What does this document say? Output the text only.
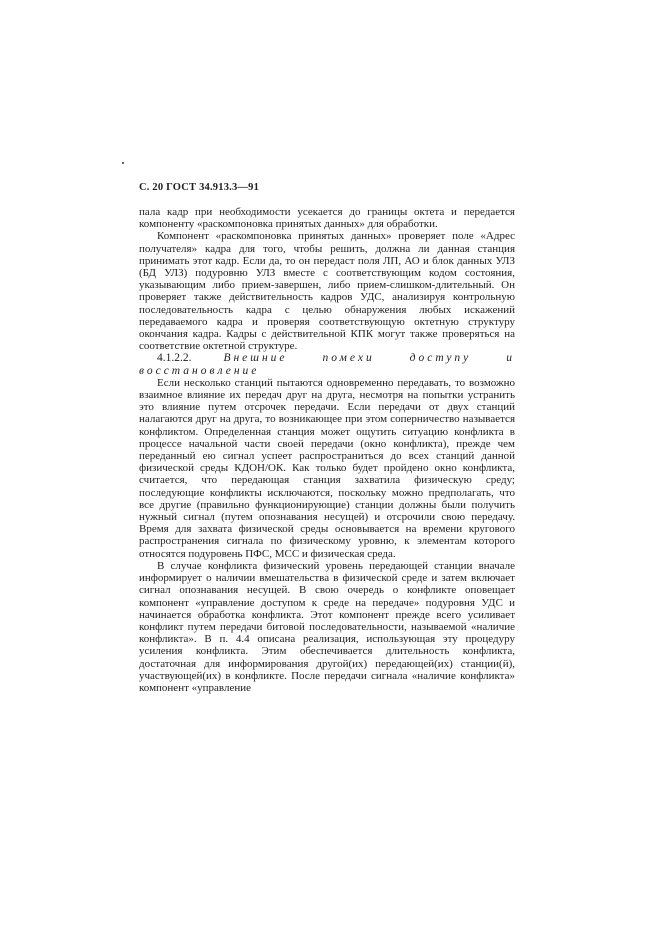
С. 20 ГОСТ 34.913.3—91

пала кадр при необходимости усекается до границы октета и передается компоненту «раскомпоновка принятых данных» для обработки.

Компонент «раскомпоновка принятых данных» проверяет поле «Адрес получателя» кадра для того, чтобы решить, должна ли данная станция принимать этот кадр. Если да, то он передаст поля ЛП, АО и блок данных УЛЗ (БД УЛЗ) подуровню УЛЗ вместе с соответствующим кодом состояния, указывающим либо прием-завершен, либо прием-слишком-длительный. Он проверяет также действительность кадров УДС, анализируя контрольную последовательность кадра с целью обнаружения любых искажений передаваемого кадра и проверяя соответствующую октетную структуру окончания кадра. Кадры с действительной КПК могут также проверяться на соответствие октетной структуре.

4.1.2.2.	Внешние помехи доступу и восстановление

Если несколько станций пытаются одновременно передавать, то возможно взаимное влияние их передач друг на друга, несмотря на попытки устранить это влияние путем отсрочек передачи. Если передачи от двух станций налагаются друг на друга, то возникающее при этом соперничество называется конфликтом. Определенная станция может ощутить ситуацию конфликта в процессе начальной части своей передачи (окно конфликта), прежде чем переданный ею сигнал успеет распространиться до всех станций данной физической среды КДОН/ОК. Как только будет пройдено окно конфликта, считается, что передающая станция захватила физическую среду; последующие конфликты исключаются, поскольку можно предполагать, что все другие (правильно функционирующие) станции должны были получить нужный сигнал (путем опознавания несущей) и отсрочили свою передачу. Время для захвата физической среды основывается на времени кругового распространения сигнала по физическому уровню, к элементам которого относятся подуровень ПФС, МСС и физическая среда.

В случае конфликта физический уровень передающей станции вначале информирует о наличии вмешательства в физической среде и затем включает сигнал опознавания несущей. В свою очередь о конфликте оповещает компонент «управление доступом к среде на передаче» подуровня УДС и начинается обработка конфликта. Этот компонент прежде всего усиливает конфликт путем передачи битовой последовательности, называемой «наличие конфликта». В п. 4.4 описана реализация, использующая эту процедуру усиления конфликта. Этим обеспечивается длительность конфликта, достаточная для информирования другой(их) передающей(их) станции(й), участвующей(их) в конфликте. После передачи сигнала «наличие конфликта» компонент «управление
